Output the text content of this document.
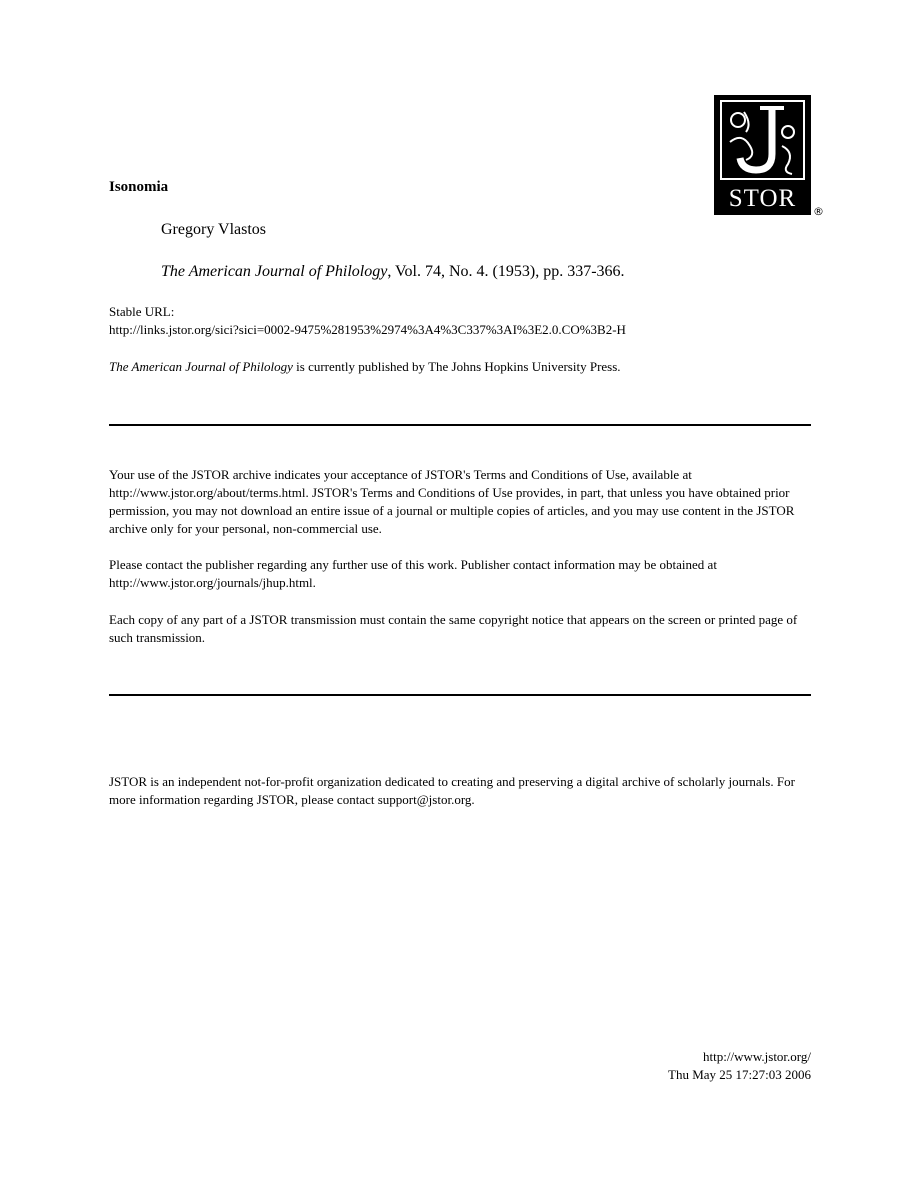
STOR	®
Isonomia
Gregory Vlastos
The American Journal of Philology, Vol. 74, No. 4. (1953), pp. 337-366.
Stable URL:
http://links.jstor.org/sici?sici=0002-9475%281953%2974%3A4%3C337%3AI%3E2.0.CO%3B2-H
The American Journal of Philology is currently published by The Johns Hopkins University Press.

Your use of the JSTOR archive indicates your acceptance of JSTOR's Terms and Conditions of Use, available at http://www.jstor.org/about/terms.html. JSTOR's Terms and Conditions of Use provides, in part, that unless you have obtained prior permission, you may not download an entire issue of a journal or multiple copies of articles, and you may use content in the JSTOR archive only for your personal, non-commercial use.

Please contact the publisher regarding any further use of this work. Publisher contact information may be obtained at http://www.jstor.org/journals/jhup.html.

Each copy of any part of a JSTOR transmission must contain the same copyright notice that appears on the screen or printed page of such transmission.

JSTOR is an independent not-for-profit organization dedicated to creating and preserving a digital archive of scholarly journals. For more information regarding JSTOR, please contact support@jstor.org.

http://www.jstor.org/
Thu May 25 17:27:03 2006
